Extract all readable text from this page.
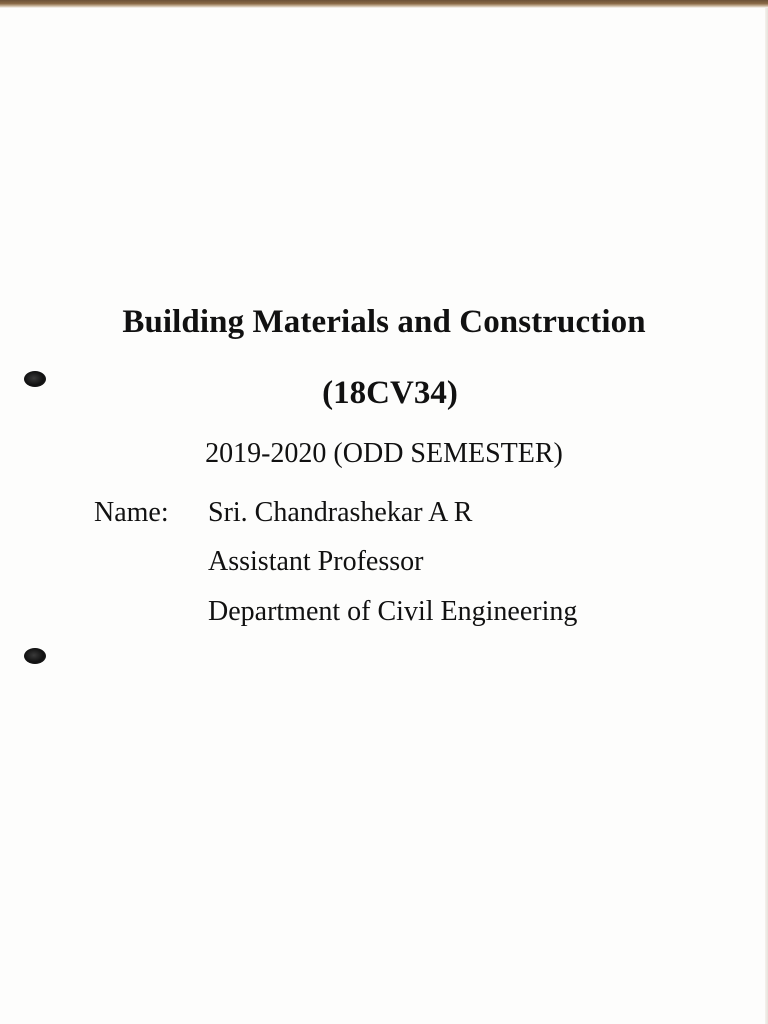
Building Materials and Construction
(18CV34)
2019-2020 (ODD SEMESTER)
Name: Sri. Chandrashekar A R
Assistant Professor
Department of Civil Engineering
